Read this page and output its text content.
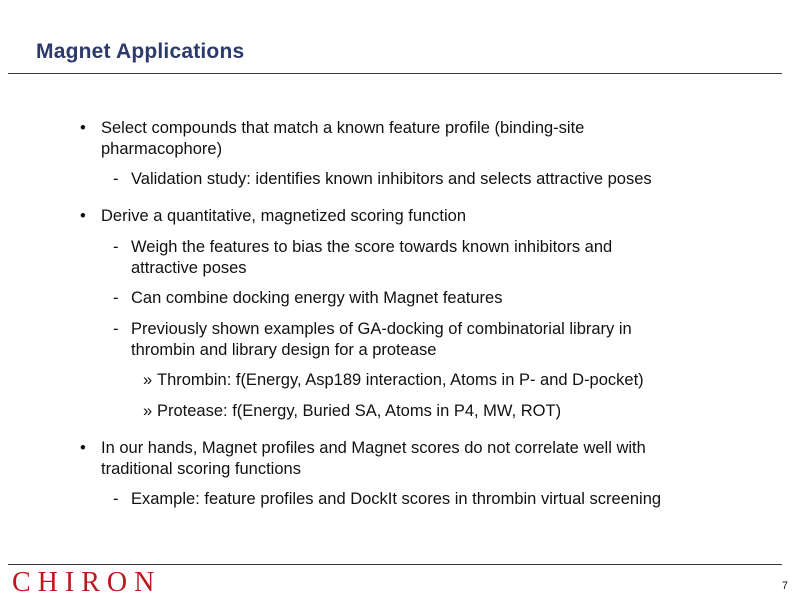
Magnet Applications
• Select compounds that match a known feature profile (binding-site
pharmacophore)
- Validation study: identifies known inhibitors and selects attractive poses
• Derive a quantitative, magnetized scoring function
- Weigh the features to bias the score towards known inhibitors and
attractive poses
- Can combine docking energy with Magnet features
- Previously shown examples of GA-docking of combinatorial library in
thrombin and library design for a protease
» Thrombin: f(Energy, Asp189 interaction, Atoms in P- and D-pocket)
» Protease: f(Energy, Buried SA, Atoms in P4, MW, ROT)
• In our hands, Magnet profiles and Magnet scores do not correlate well with
traditional scoring functions
- Example: feature profiles and DockIt scores in thrombin virtual screening
CHIRON	7
